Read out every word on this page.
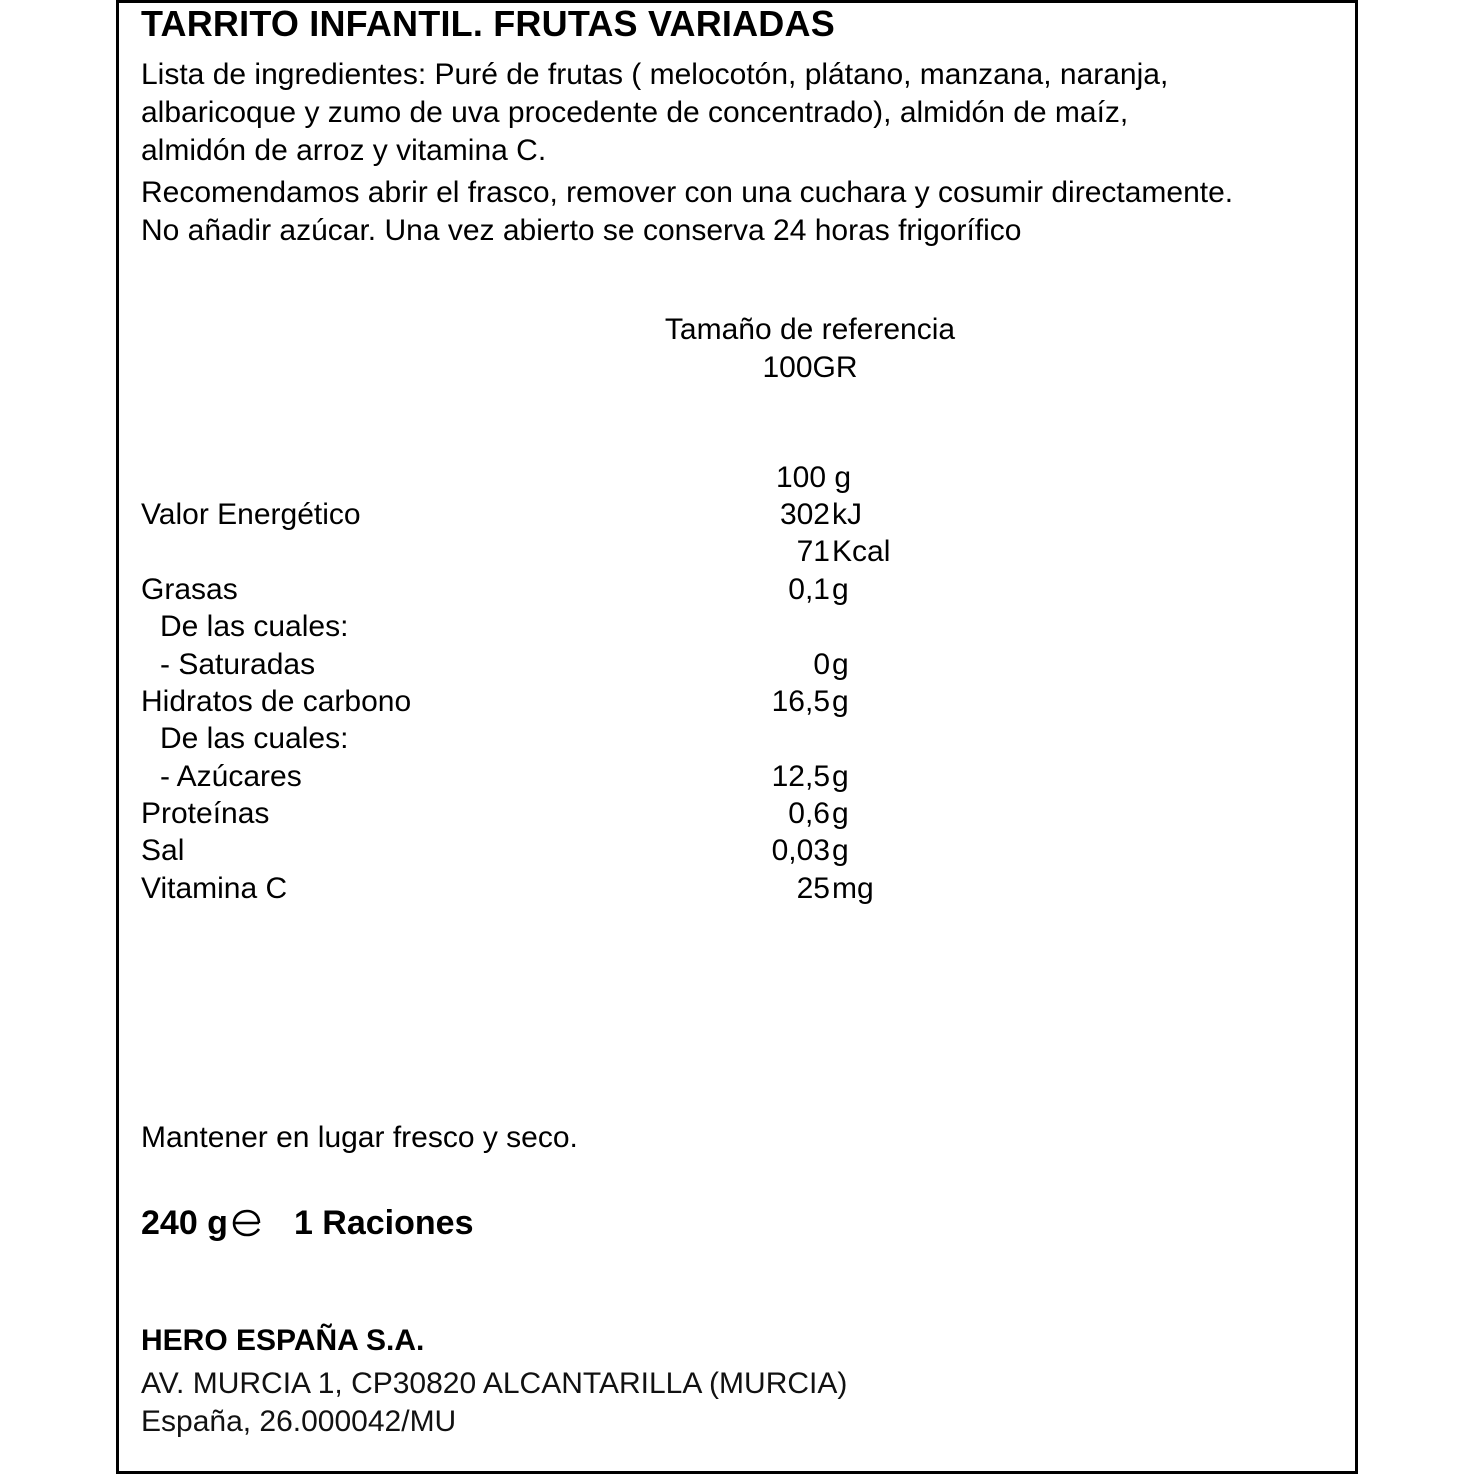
TARRITO INFANTIL. FRUTAS VARIADAS
Lista de ingredientes: Puré de frutas ( melocotón, plátano, manzana, naranja,
albaricoque y zumo de uva procedente de concentrado), almidón de maíz,
almidón de arroz y vitamina C.
Recomendamos abrir el frasco, remover con una cuchara y cosumir directamente.
No añadir azúcar. Una vez abierto se conserva 24 horas frigorífico
Tamaño de referencia
100GR
100 g
Valor Energético	302 kJ
71 Kcal
Grasas	0,1 g
De las cuales:
- Saturadas	0 g
Hidratos de carbono	16,5 g
De las cuales:
- Azúcares	12,5 g
Proteínas	0,6 g
Sal	0,03 g
Vitamina C	25 mg
Mantener en lugar fresco y seco.
240 g 1 Raciones
HERO ESPAÑA S.A.
AV. MURCIA 1, CP30820 ALCANTARILLA (MURCIA)
España, 26.000042/MU
